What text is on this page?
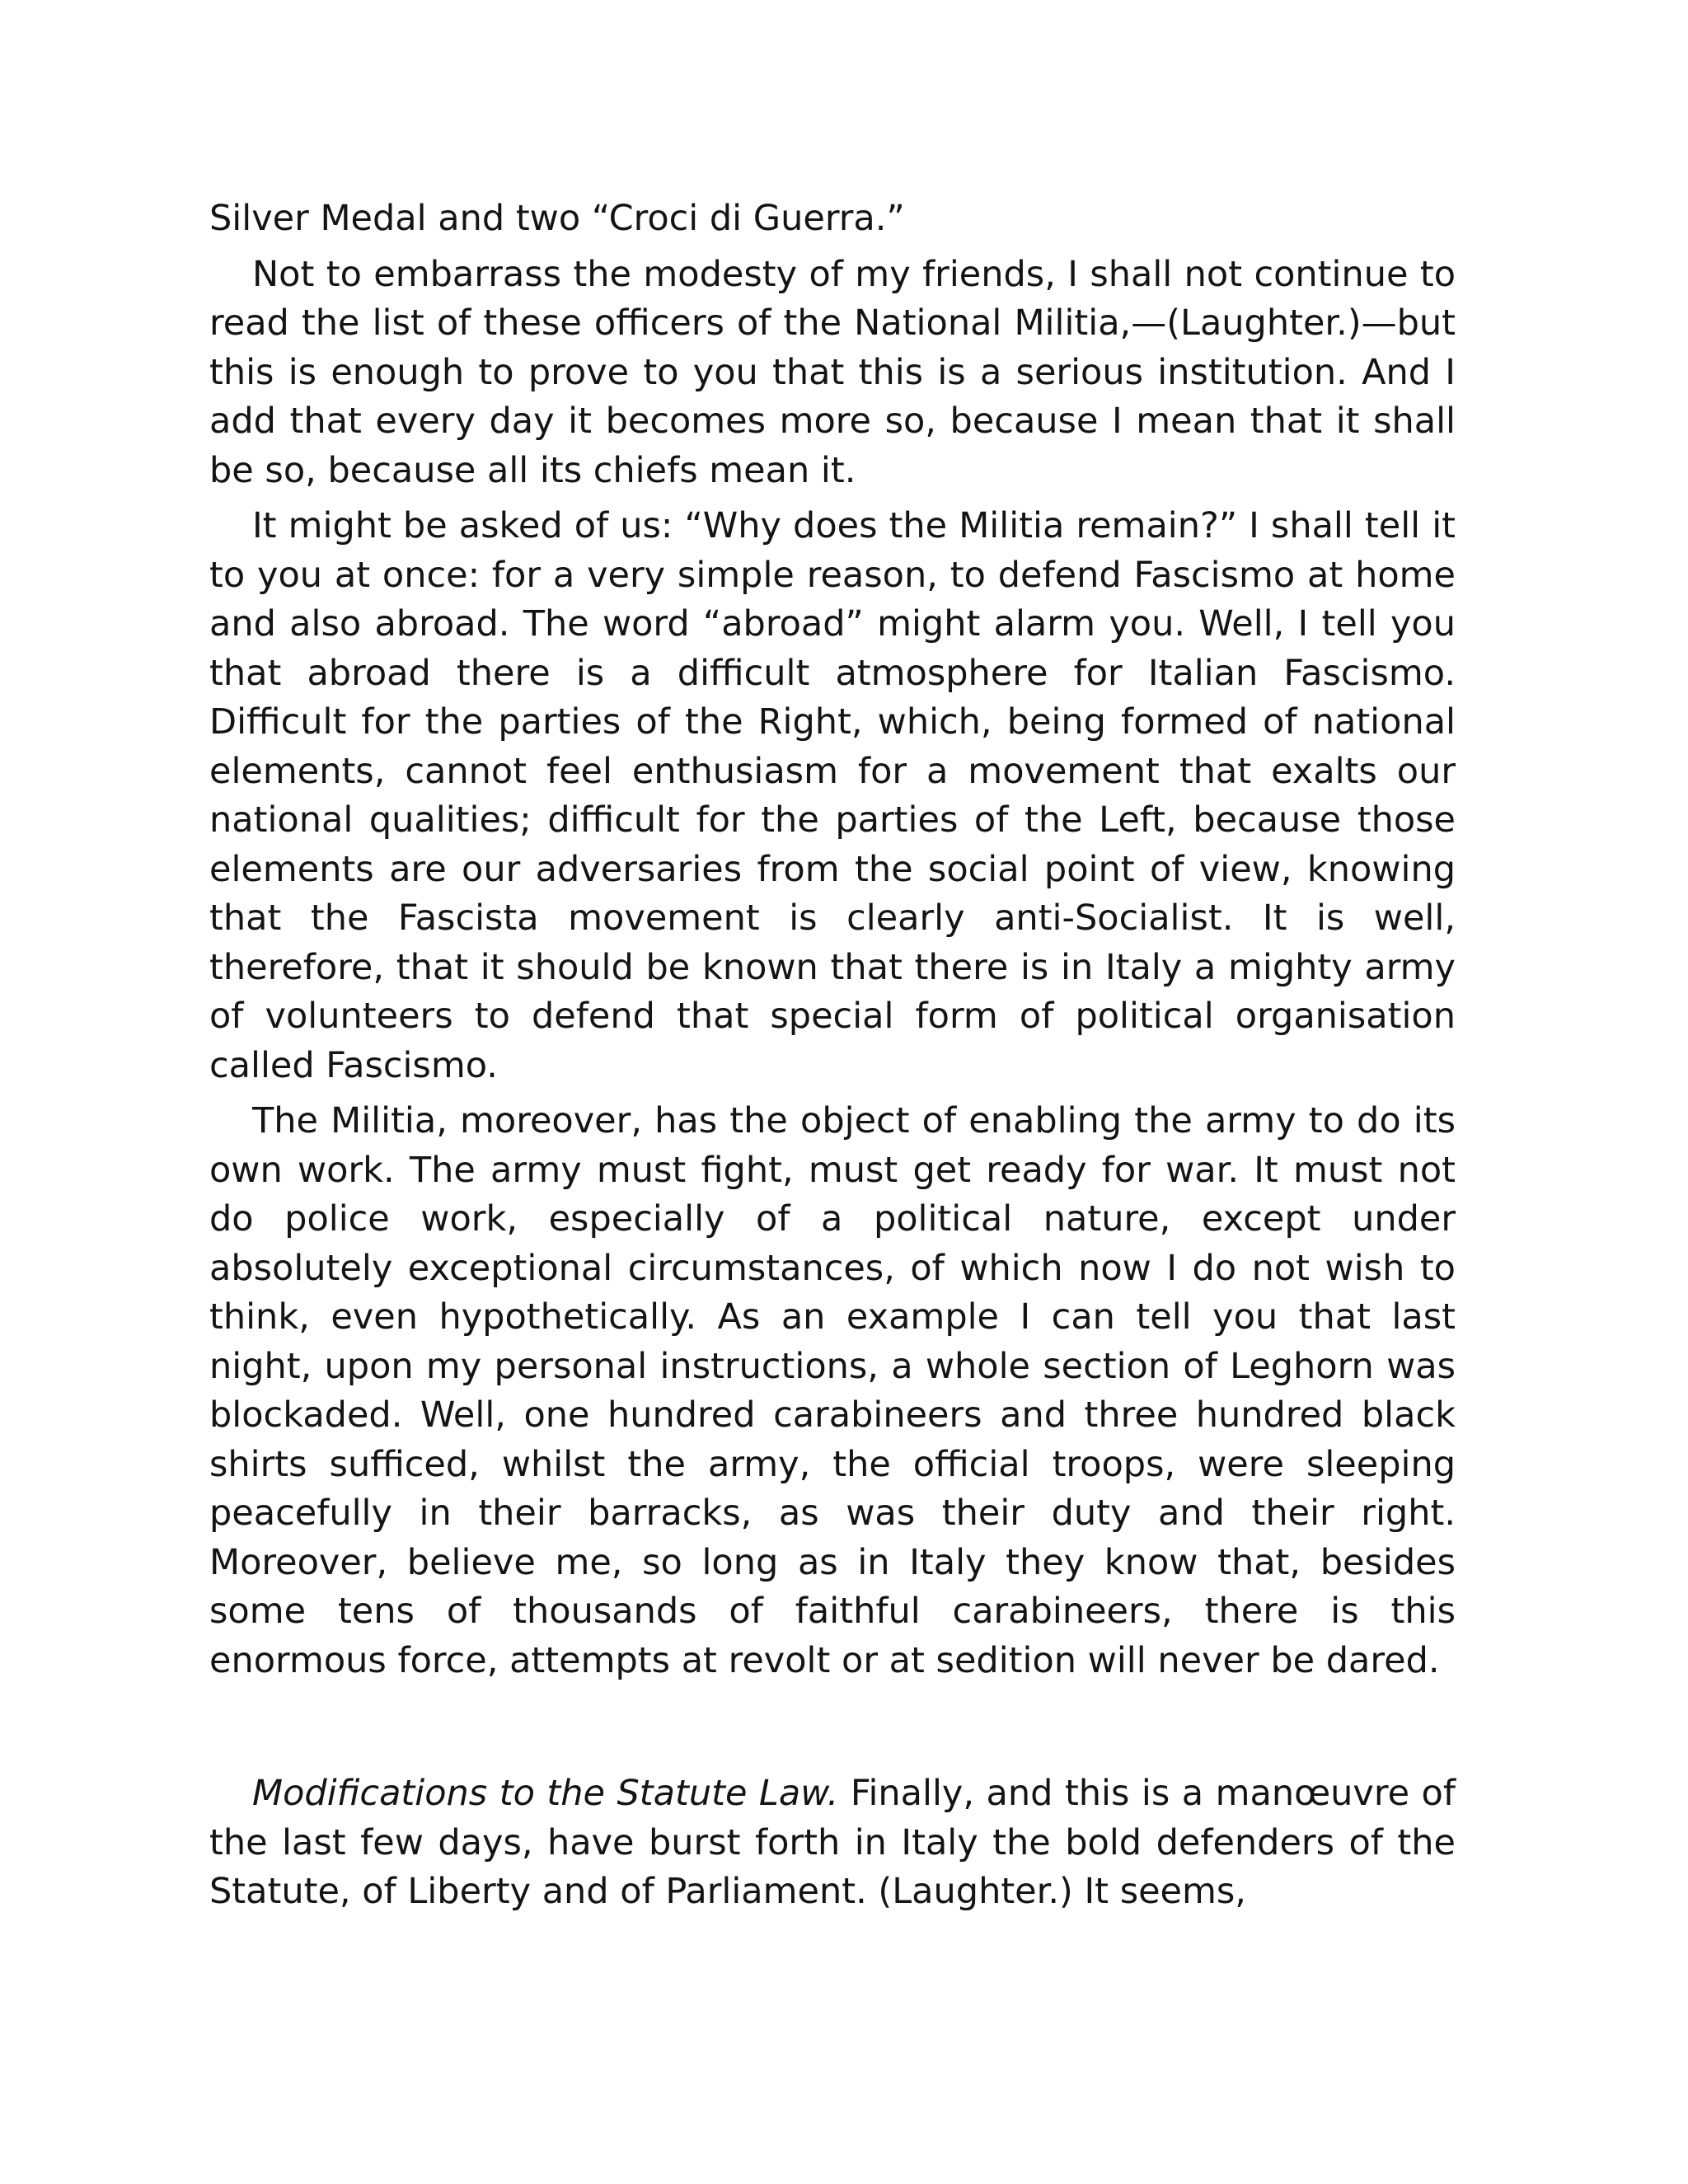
Silver Medal and two “Croci di Guerra.”

Not to embarrass the modesty of my friends, I shall not continue to read the list of these officers of the National Militia,—(Laughter.)—but this is enough to prove to you that this is a serious institution. And I add that every day it becomes more so, because I mean that it shall be so, because all its chiefs mean it.

It might be asked of us: “Why does the Militia remain?” I shall tell it to you at once: for a very simple reason, to defend Fascismo at home and also abroad. The word “abroad” might alarm you. Well, I tell you that abroad there is a difficult atmosphere for Italian Fascismo. Difficult for the parties of the Right, which, being formed of national elements, cannot feel enthusiasm for a movement that exalts our national qualities; difficult for the parties of the Left, because those elements are our adversaries from the social point of view, knowing that the Fascista movement is clearly anti-Socialist. It is well, therefore, that it should be known that there is in Italy a mighty army of volunteers to defend that special form of political organisation called Fascismo.

The Militia, moreover, has the object of enabling the army to do its own work. The army must fight, must get ready for war. It must not do police work, especially of a political nature, except under absolutely exceptional circumstances, of which now I do not wish to think, even hypothetically. As an example I can tell you that last night, upon my personal instructions, a whole section of Leghorn was blockaded. Well, one hundred carabineers and three hundred black shirts sufficed, whilst the army, the official troops, were sleeping peacefully in their barracks, as was their duty and their right. Moreover, believe me, so long as in Italy they know that, besides some tens of thousands of faithful carabineers, there is this enormous force, attempts at revolt or at sedition will never be dared.

Modifications to the Statute Law. Finally, and this is a manœuvre of the last few days, have burst forth in Italy the bold defenders of the Statute, of Liberty and of Parliament. (Laughter.) It seems,
